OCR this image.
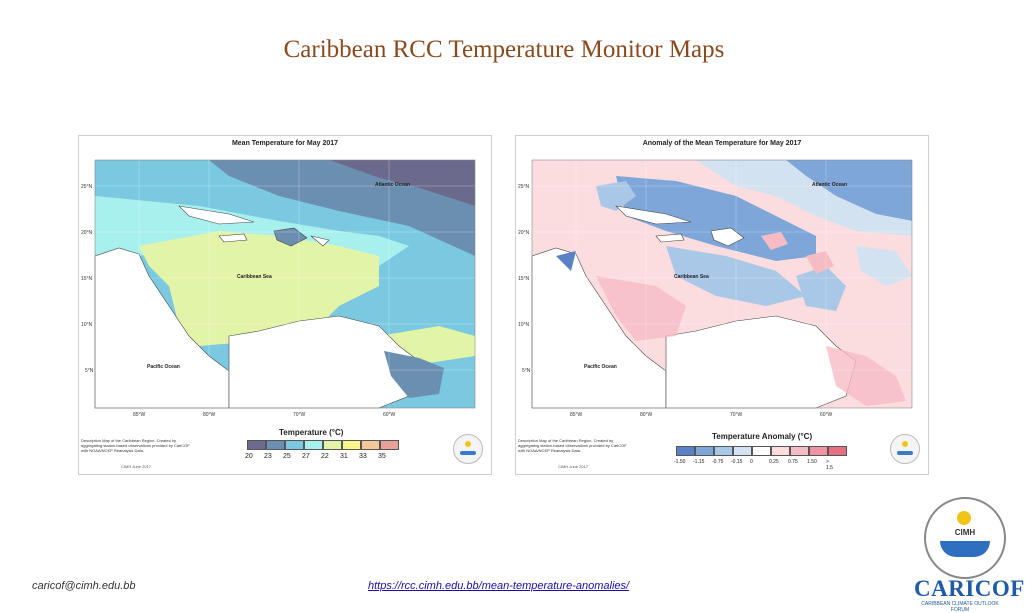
Caribbean RCC Temperature Monitor Maps
Mean Temperature for May 2017
25°N
20°N
15°N
10°N
5°N
85°W	80°W	70°W	60°W
Atlantic Ocean
Caribbean Sea
Pacific Ocean
Description Map of the Caribbean Region. Created by aggregating station-based observations provided by CariCOF with NOAA/NCEP Reanalysis Data.
CIMH June 2017
Temperature (°C)
20 23 25 27 22 31 33 35
Anomaly of the Mean Temperature for May 2017
25°N
20°N
15°N
10°N
5°N
85°W	80°W	70°W	60°W
Atlantic Ocean
Caribbean Sea
Pacific Ocean
Description Map of the Caribbean Region. Created by aggregating station-based observations provided by CariCOF with NOAA/NCEP Reanalysis Data.
CIMH June 2017
Temperature Anomaly (°C)
-1.50 -1.15 -0.75 -0.15 0	0.25 0.75 1.50 > 1.5
caricof@cimh.edu.bb	https://rcc.cimh.edu.bb/mean-temperature-anomalies/
CIMH
CARICOF
CARIBBEAN CLIMATE OUTLOOK FORUM
